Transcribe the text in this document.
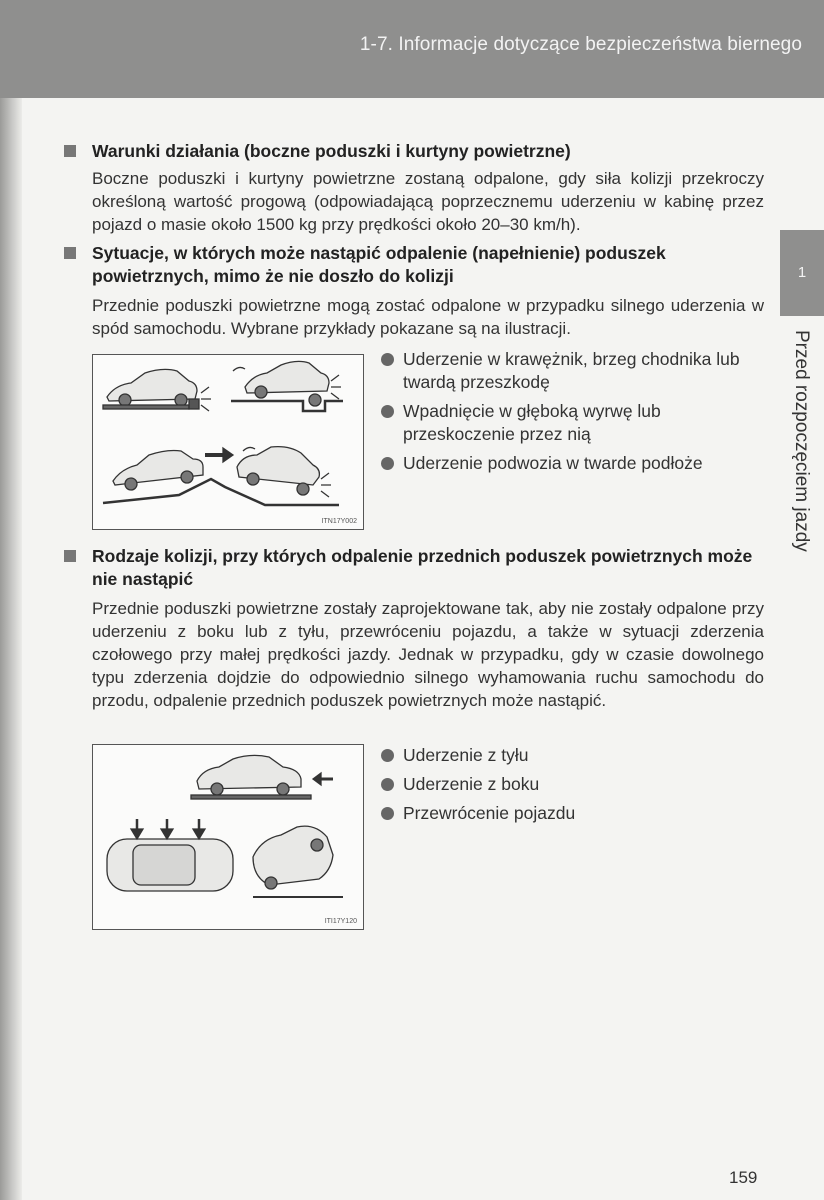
1-7. Informacje dotyczące bezpieczeństwa biernego
1
Przed rozpoczęciem jazdy
Warunki działania (boczne poduszki i kurtyny powietrzne)
Boczne poduszki i kurtyny powietrzne zostaną odpalone, gdy siła kolizji przekroczy określoną wartość progową (odpowiadającą poprzecznemu uderzeniu w kabinę przez pojazd o masie około 1500 kg przy prędkości około 20–30 km/h).
Sytuacje, w których może nastąpić odpalenie (napełnienie) poduszek powietrznych, mimo że nie doszło do kolizji
Przednie poduszki powietrzne mogą zostać odpalone w przypadku silnego uderzenia w spód samochodu. Wybrane przykłady pokazane są na ilustracji.
ITN17Y002
Uderzenie w krawężnik, brzeg chodnika lub twardą przeszkodę
Wpadnięcie w głęboką wyrwę lub przeskoczenie przez nią
Uderzenie podwozia w twarde podłoże
Rodzaje kolizji, przy których odpalenie przednich poduszek powietrznych może nie nastąpić
Przednie poduszki powietrzne zostały zaprojektowane tak, aby nie zostały odpalone przy uderzeniu z boku lub z tyłu, przewróceniu pojazdu, a także w sytuacji zderzenia czołowego przy małej prędkości jazdy. Jednak w przypadku, gdy w czasie dowolnego typu zderzenia dojdzie do odpowiednio silnego wyhamowania ruchu samochodu do przodu, odpalenie przednich poduszek powietrznych może nastąpić.
ITI17Y120
Uderzenie z tyłu
Uderzenie z boku
Przewrócenie pojazdu
159
